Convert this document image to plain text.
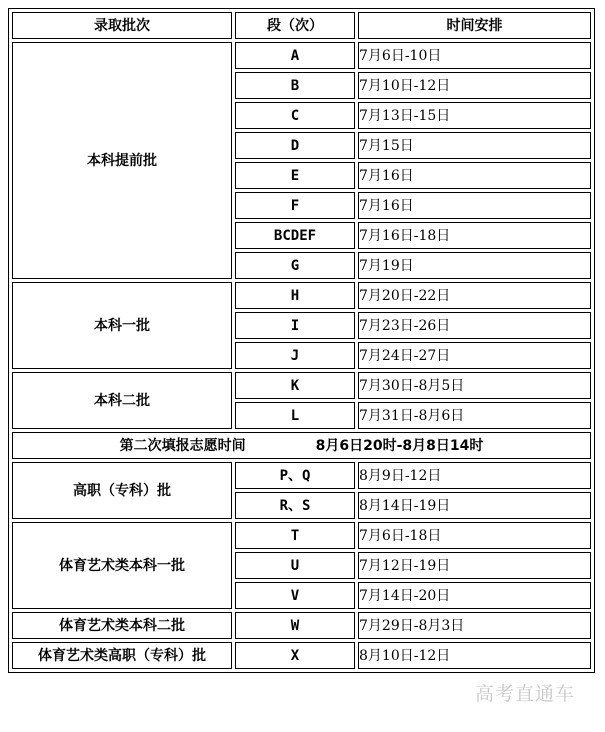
录取批次	段（次）	时间安排
本科提前批	A	7月6日-10日
	B	7月10日-12日
	C	7月13日-15日
	D	7月15日
	E	7月16日
	F	7月16日
	BCDEF	7月16日-18日
	G	7月19日
本科一批	H	7月20日-22日
	I	7月23日-26日
	J	7月24日-27日
本科二批	K	7月30日-8月5日
	L	7月31日-8月6日
第二次填报志愿时间 8月6日20时-8月8日14时		
高职（专科）批	P、Q	8月9日-12日
	R、S	8月14日-19日
体育艺术类本科一批	T	7月6日-18日
	U	7月12日-19日
	V	7月14日-20日
体育艺术类本科二批	W	7月29日-8月3日
体育艺术类高职（专科）批	X	8月10日-12日
高考直通车
